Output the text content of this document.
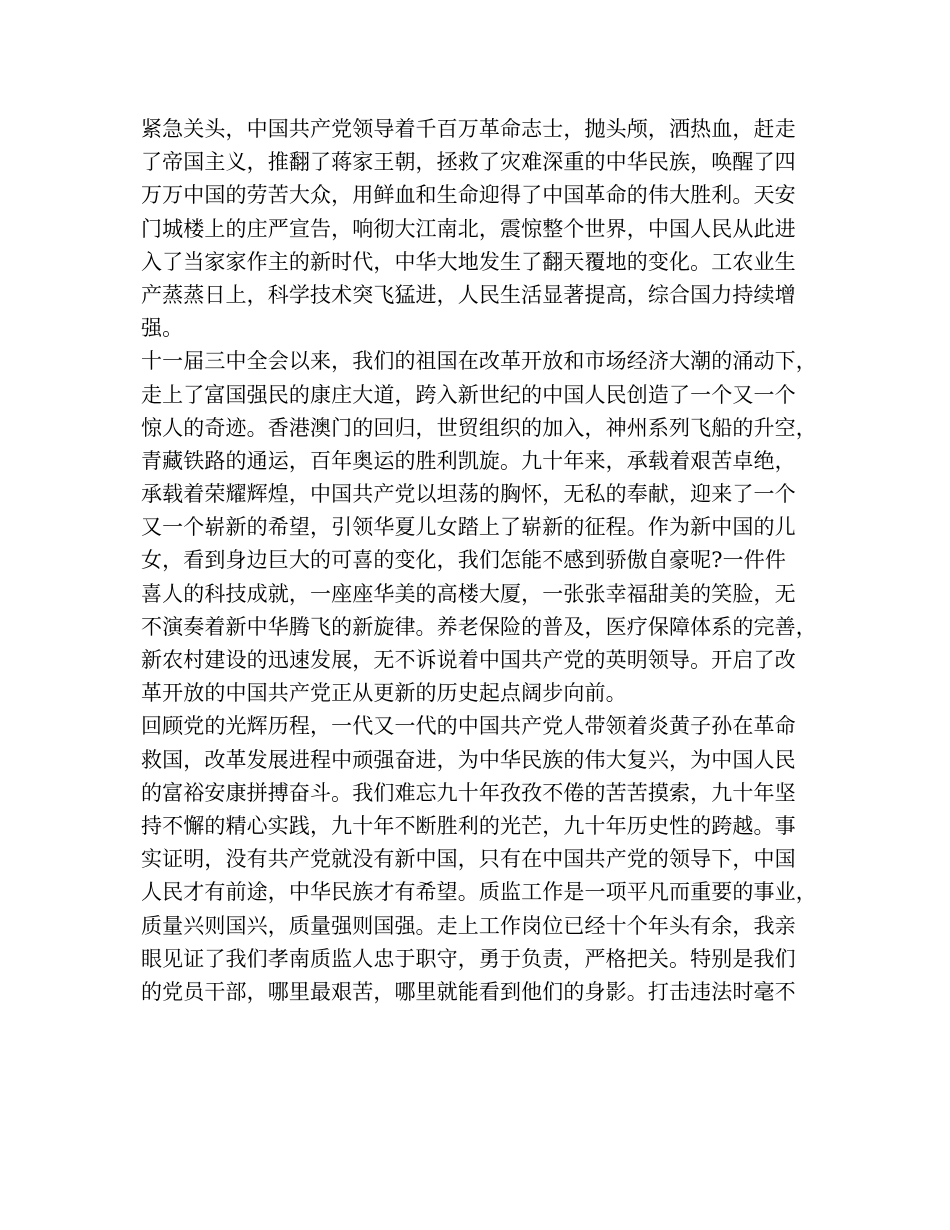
紧急关头，中国共产党领导着千百万革命志士，抛头颅，洒热血，赶走
了帝国主义，推翻了蒋家王朝，拯救了灾难深重的中华民族，唤醒了四
万万中国的劳苦大众，用鲜血和生命迎得了中国革命的伟大胜利。天安
门城楼上的庄严宣告，响彻大江南北，震惊整个世界，中国人民从此进
入了当家家作主的新时代，中华大地发生了翻天覆地的变化。工农业生
产蒸蒸日上，科学技术突飞猛进，人民生活显著提高，综合国力持续增
强。
十一届三中全会以来，我们的祖国在改革开放和市场经济大潮的涌动下，
走上了富国强民的康庄大道，跨入新世纪的中国人民创造了一个又一个
惊人的奇迹。香港澳门的回归，世贸组织的加入，神州系列飞船的升空，
青藏铁路的通运，百年奥运的胜利凯旋。九十年来，承载着艰苦卓绝，
承载着荣耀辉煌，中国共产党以坦荡的胸怀，无私的奉献，迎来了一个
又一个崭新的希望，引领华夏儿女踏上了崭新的征程。作为新中国的儿
女，看到身边巨大的可喜的变化，我们怎能不感到骄傲自豪呢?一件件
喜人的科技成就，一座座华美的高楼大厦，一张张幸福甜美的笑脸，无
不演奏着新中华腾飞的新旋律。养老保险的普及，医疗保障体系的完善，
新农村建设的迅速发展，无不诉说着中国共产党的英明领导。开启了改
革开放的中国共产党正从更新的历史起点阔步向前。
回顾党的光辉历程，一代又一代的中国共产党人带领着炎黄子孙在革命
救国，改革发展进程中顽强奋进，为中华民族的伟大复兴，为中国人民
的富裕安康拼搏奋斗。我们难忘九十年孜孜不倦的苦苦摸索，九十年坚
持不懈的精心实践，九十年不断胜利的光芒，九十年历史性的跨越。事
实证明，没有共产党就没有新中国，只有在中国共产党的领导下，中国
人民才有前途，中华民族才有希望。质监工作是一项平凡而重要的事业，
质量兴则国兴，质量强则国强。走上工作岗位已经十个年头有余，我亲
眼见证了我们孝南质监人忠于职守，勇于负责，严格把关。特别是我们
的党员干部，哪里最艰苦，哪里就能看到他们的身影。打击违法时毫不
